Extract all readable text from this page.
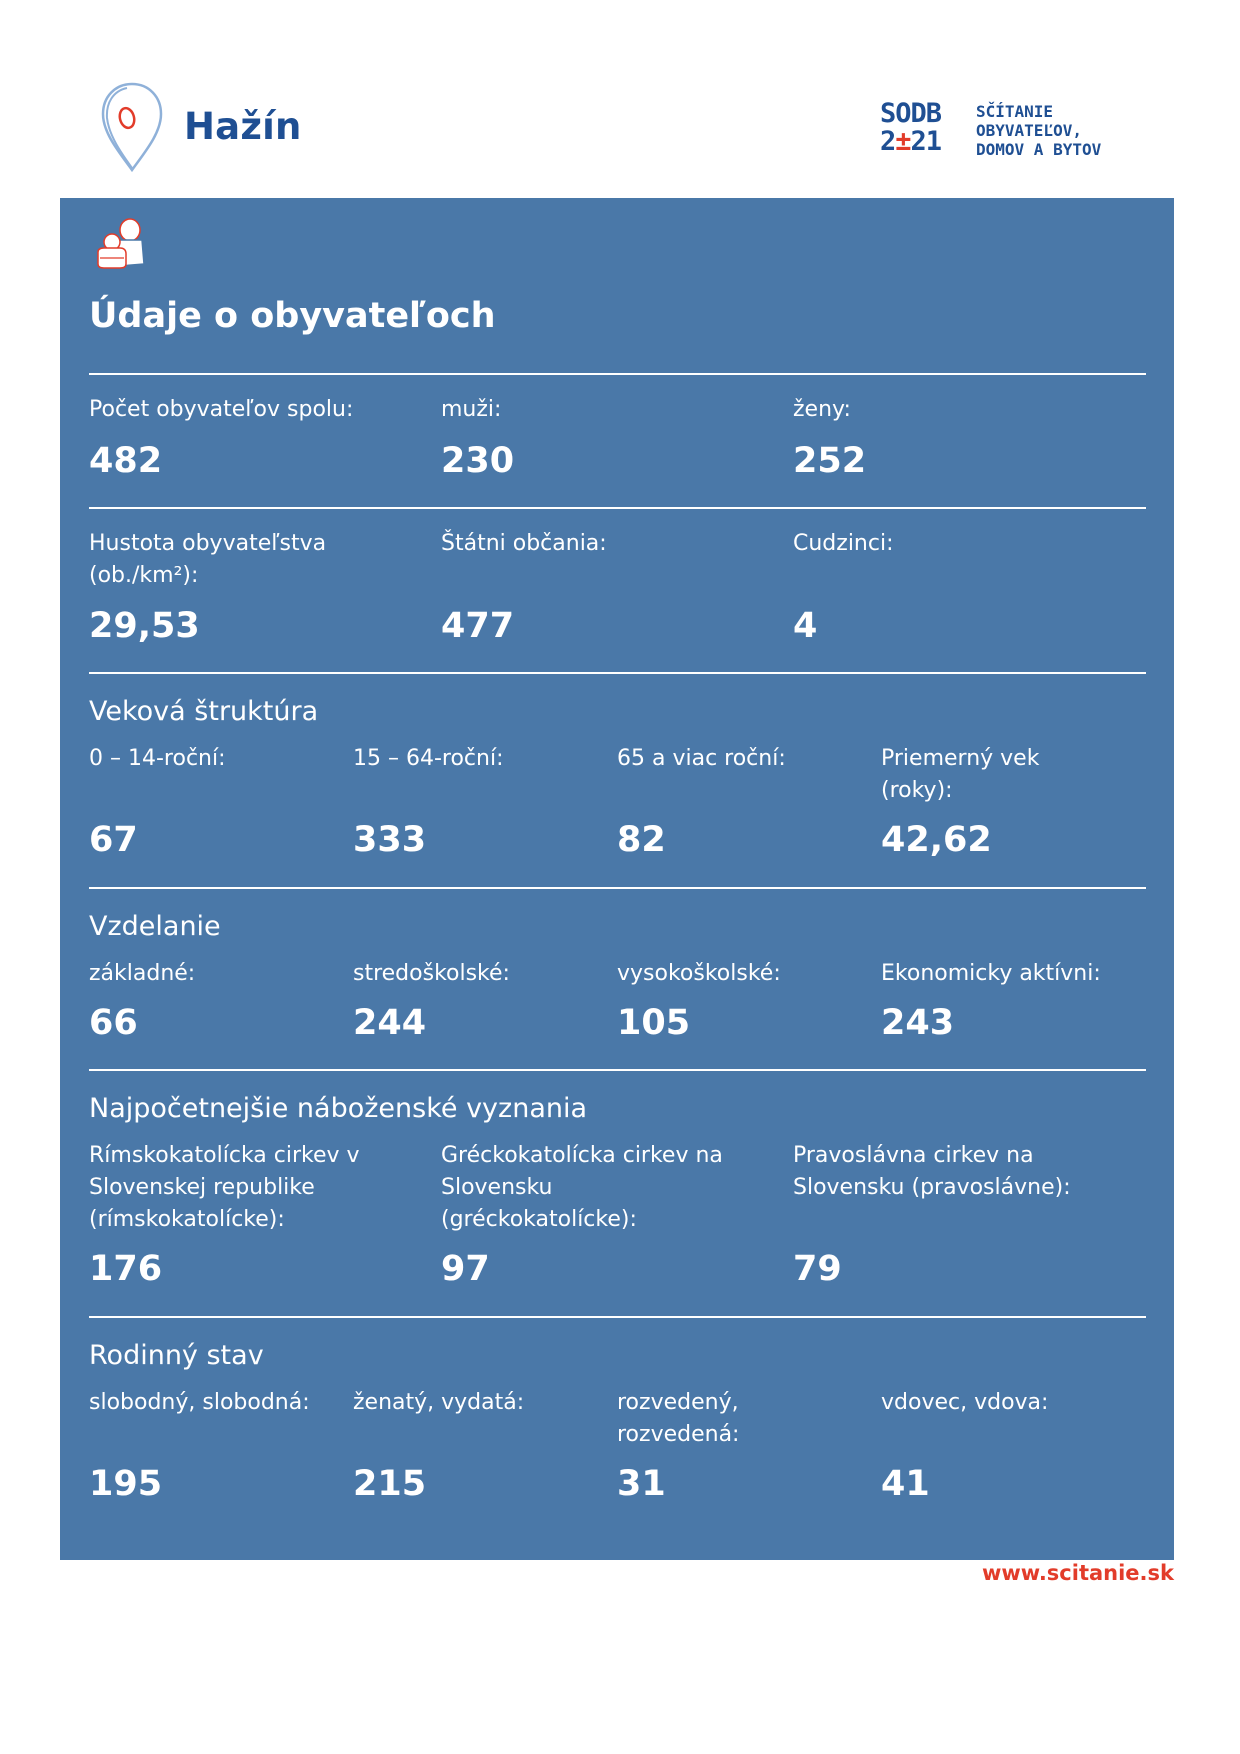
Hažín	SODB
2±21
SČÍTANIE
OBYVATEĽOV,
DOMOV A BYTOV
Údaje o obyvateľoch
Počet obyvateľov spolu:
482
muži:
230
ženy:
252
Hustota obyvateľstva
(ob./km²):
29,53
Štátni občania:
477
Cudzinci:
4
Veková štruktúra
0 – 14-roční:
67
15 – 64-roční:
333
65 a viac roční:
82
Priemerný vek
(roky):
42,62
Vzdelanie
základné:
66
stredoškolské:
244
vysokoškolské:
105
Ekonomicky aktívni:
243
Najpočetnejšie náboženské vyznania
Rímskokatolícka cirkev v
Slovenskej republike
(rímskokatolícke):
176
Gréckokatolícka cirkev na
Slovensku
(gréckokatolícke):
97
Pravoslávna cirkev na
Slovensku (pravoslávne):
79
Rodinný stav
slobodný, slobodná:
195
ženatý, vydatá:
215
rozvedený,
rozvedená:
31
vdovec, vdova:
41
www.scitanie.sk
